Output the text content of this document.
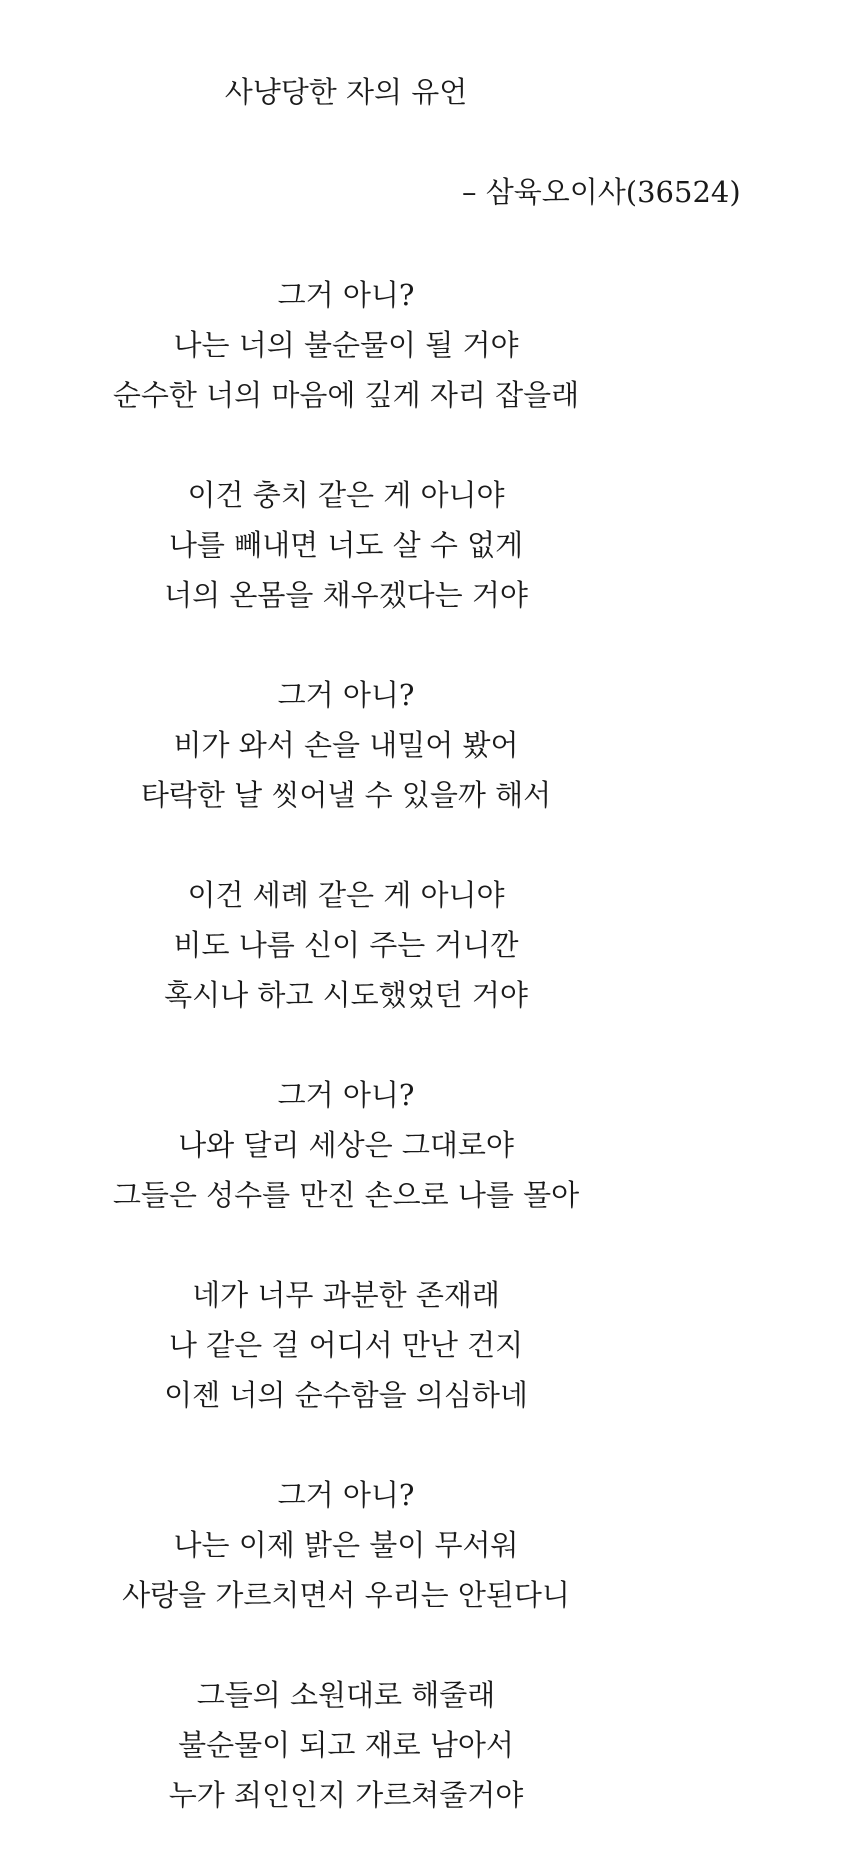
사냥당한 자의 유언
– 삼육오이사(36524)
그거 아니?
나는 너의 불순물이 될 거야
순수한 너의 마음에 깊게 자리 잡을래
이건 충치 같은 게 아니야
나를 빼내면 너도 살 수 없게
너의 온몸을 채우겠다는 거야
그거 아니?
비가 와서 손을 내밀어 봤어
타락한 날 씻어낼 수 있을까 해서
이건 세례 같은 게 아니야
비도 나름 신이 주는 거니깐
혹시나 하고 시도했었던 거야
그거 아니?
나와 달리 세상은 그대로야
그들은 성수를 만진 손으로 나를 몰아
네가 너무 과분한 존재래
나 같은 걸 어디서 만난 건지
이젠 너의 순수함을 의심하네
그거 아니?
나는 이제 밝은 불이 무서워
사랑을 가르치면서 우리는 안된다니
그들의 소원대로 해줄래
불순물이 되고 재로 남아서
누가 죄인인지 가르쳐줄거야
